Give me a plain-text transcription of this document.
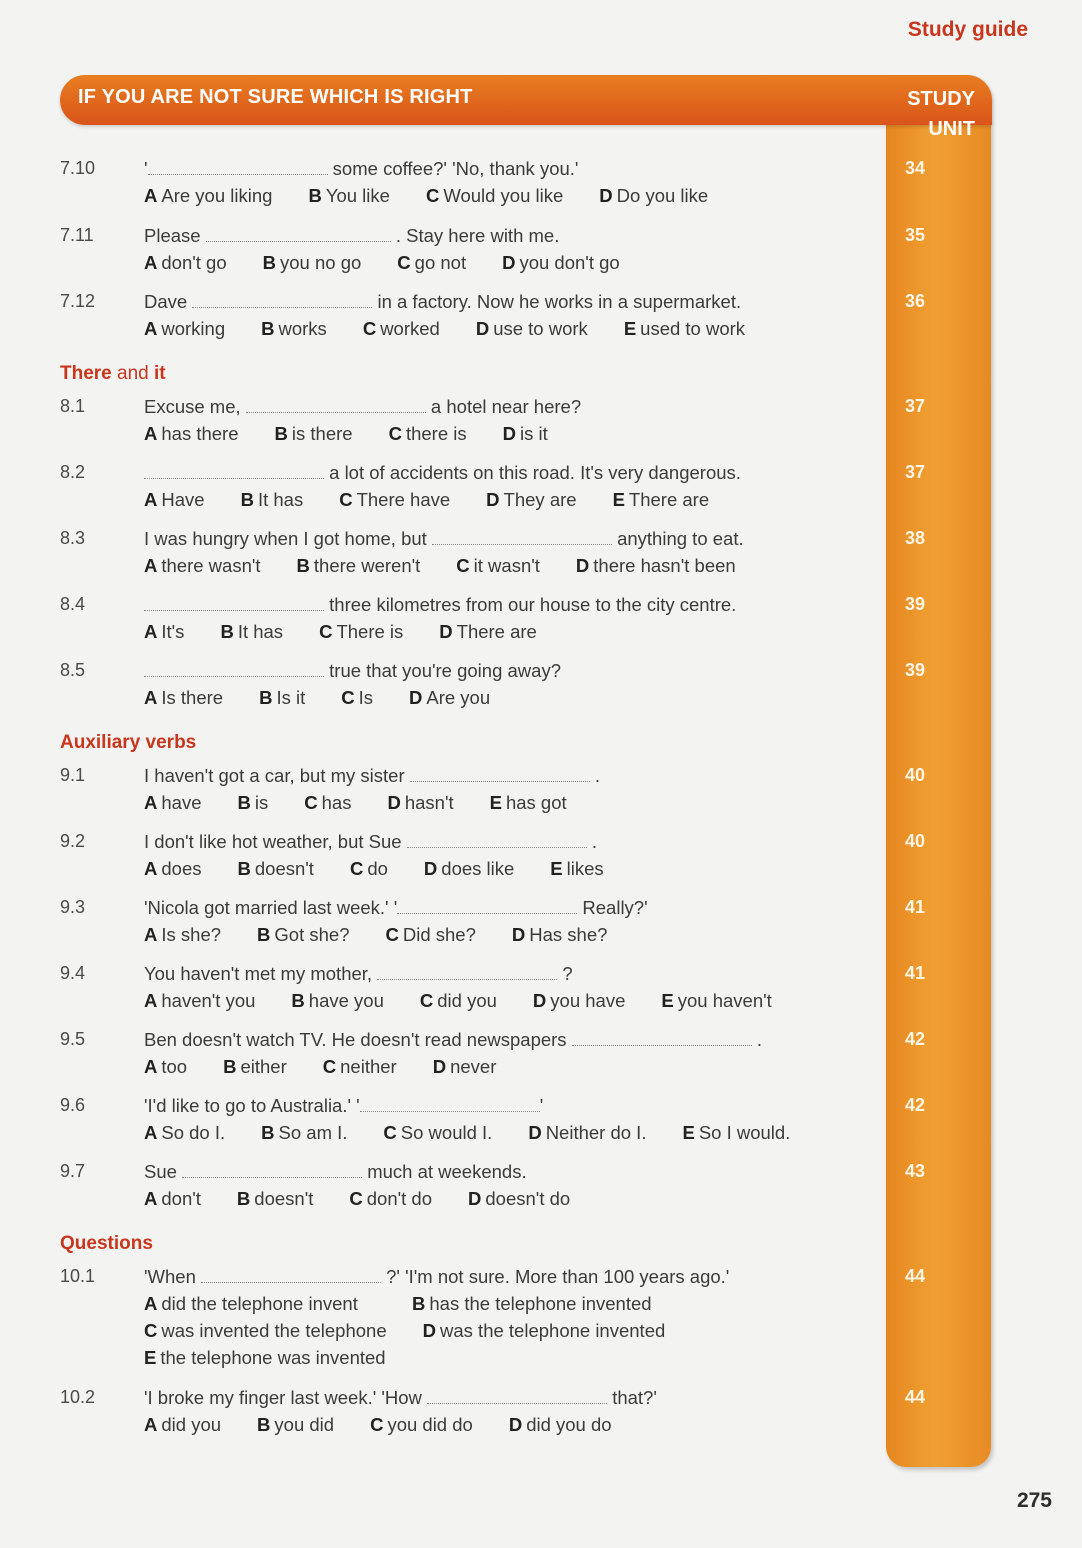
Study guide
IF YOU ARE NOT SURE WHICH IS RIGHT	STUDY
UNIT
7.10	'	some coffee?' 'No, thank you.'
A Are you liking B You like C Would you like D Do you like
34
7.11	Please	. Stay here with me.
A don't go B you no go C go not D you don't go
35
7.12	Dave	in a factory. Now he works in a supermarket.
A working B works C worked D use to work E used to work
36
There and it
8.1	Excuse me,	a hotel near here?
A has there B is there C there is D is it
37
8.2	a lot of accidents on this road. It's very dangerous.
A Have B It has C There have D They are E There are
37
8.3	I was hungry when I got home, but	anything to eat.
A there wasn't B there weren't C it wasn't D there hasn't been
38
8.4	three kilometres from our house to the city centre.
A It's B It has C There is D There are
39
8.5	true that you're going away?
A Is there B Is it C Is D Are you
39
Auxiliary verbs
9.1	I haven't got a car, but my sister	.
A have B is C has D hasn't E has got
40
9.2	I don't like hot weather, but Sue	.
A does B doesn't C do D does like E likes
40
9.3	'Nicola got married last week.' '	Really?'
A Is she? B Got she? C Did she? D Has she?
41
9.4	You haven't met my mother,	?
A haven't you B have you C did you D you have E you haven't
41
9.5	Ben doesn't watch TV. He doesn't read newspapers	.
A too B either C neither D never
42
9.6	'I'd like to go to Australia.' '	'
A So do I. B So am I. C So would I. D Neither do I. E So I would.
42
9.7	Sue	much at weekends.
A don't B doesn't C don't do D doesn't do
43
Questions
10.1	'When	?' 'I'm not sure. More than 100 years ago.'
A did the telephone invent	B has the telephone invented
C was invented the telephone D was the telephone invented
E the telephone was invented
44
10.2	'I broke my finger last week.' 'How	that?'
A did you B you did C you did do D did you do
44
275
